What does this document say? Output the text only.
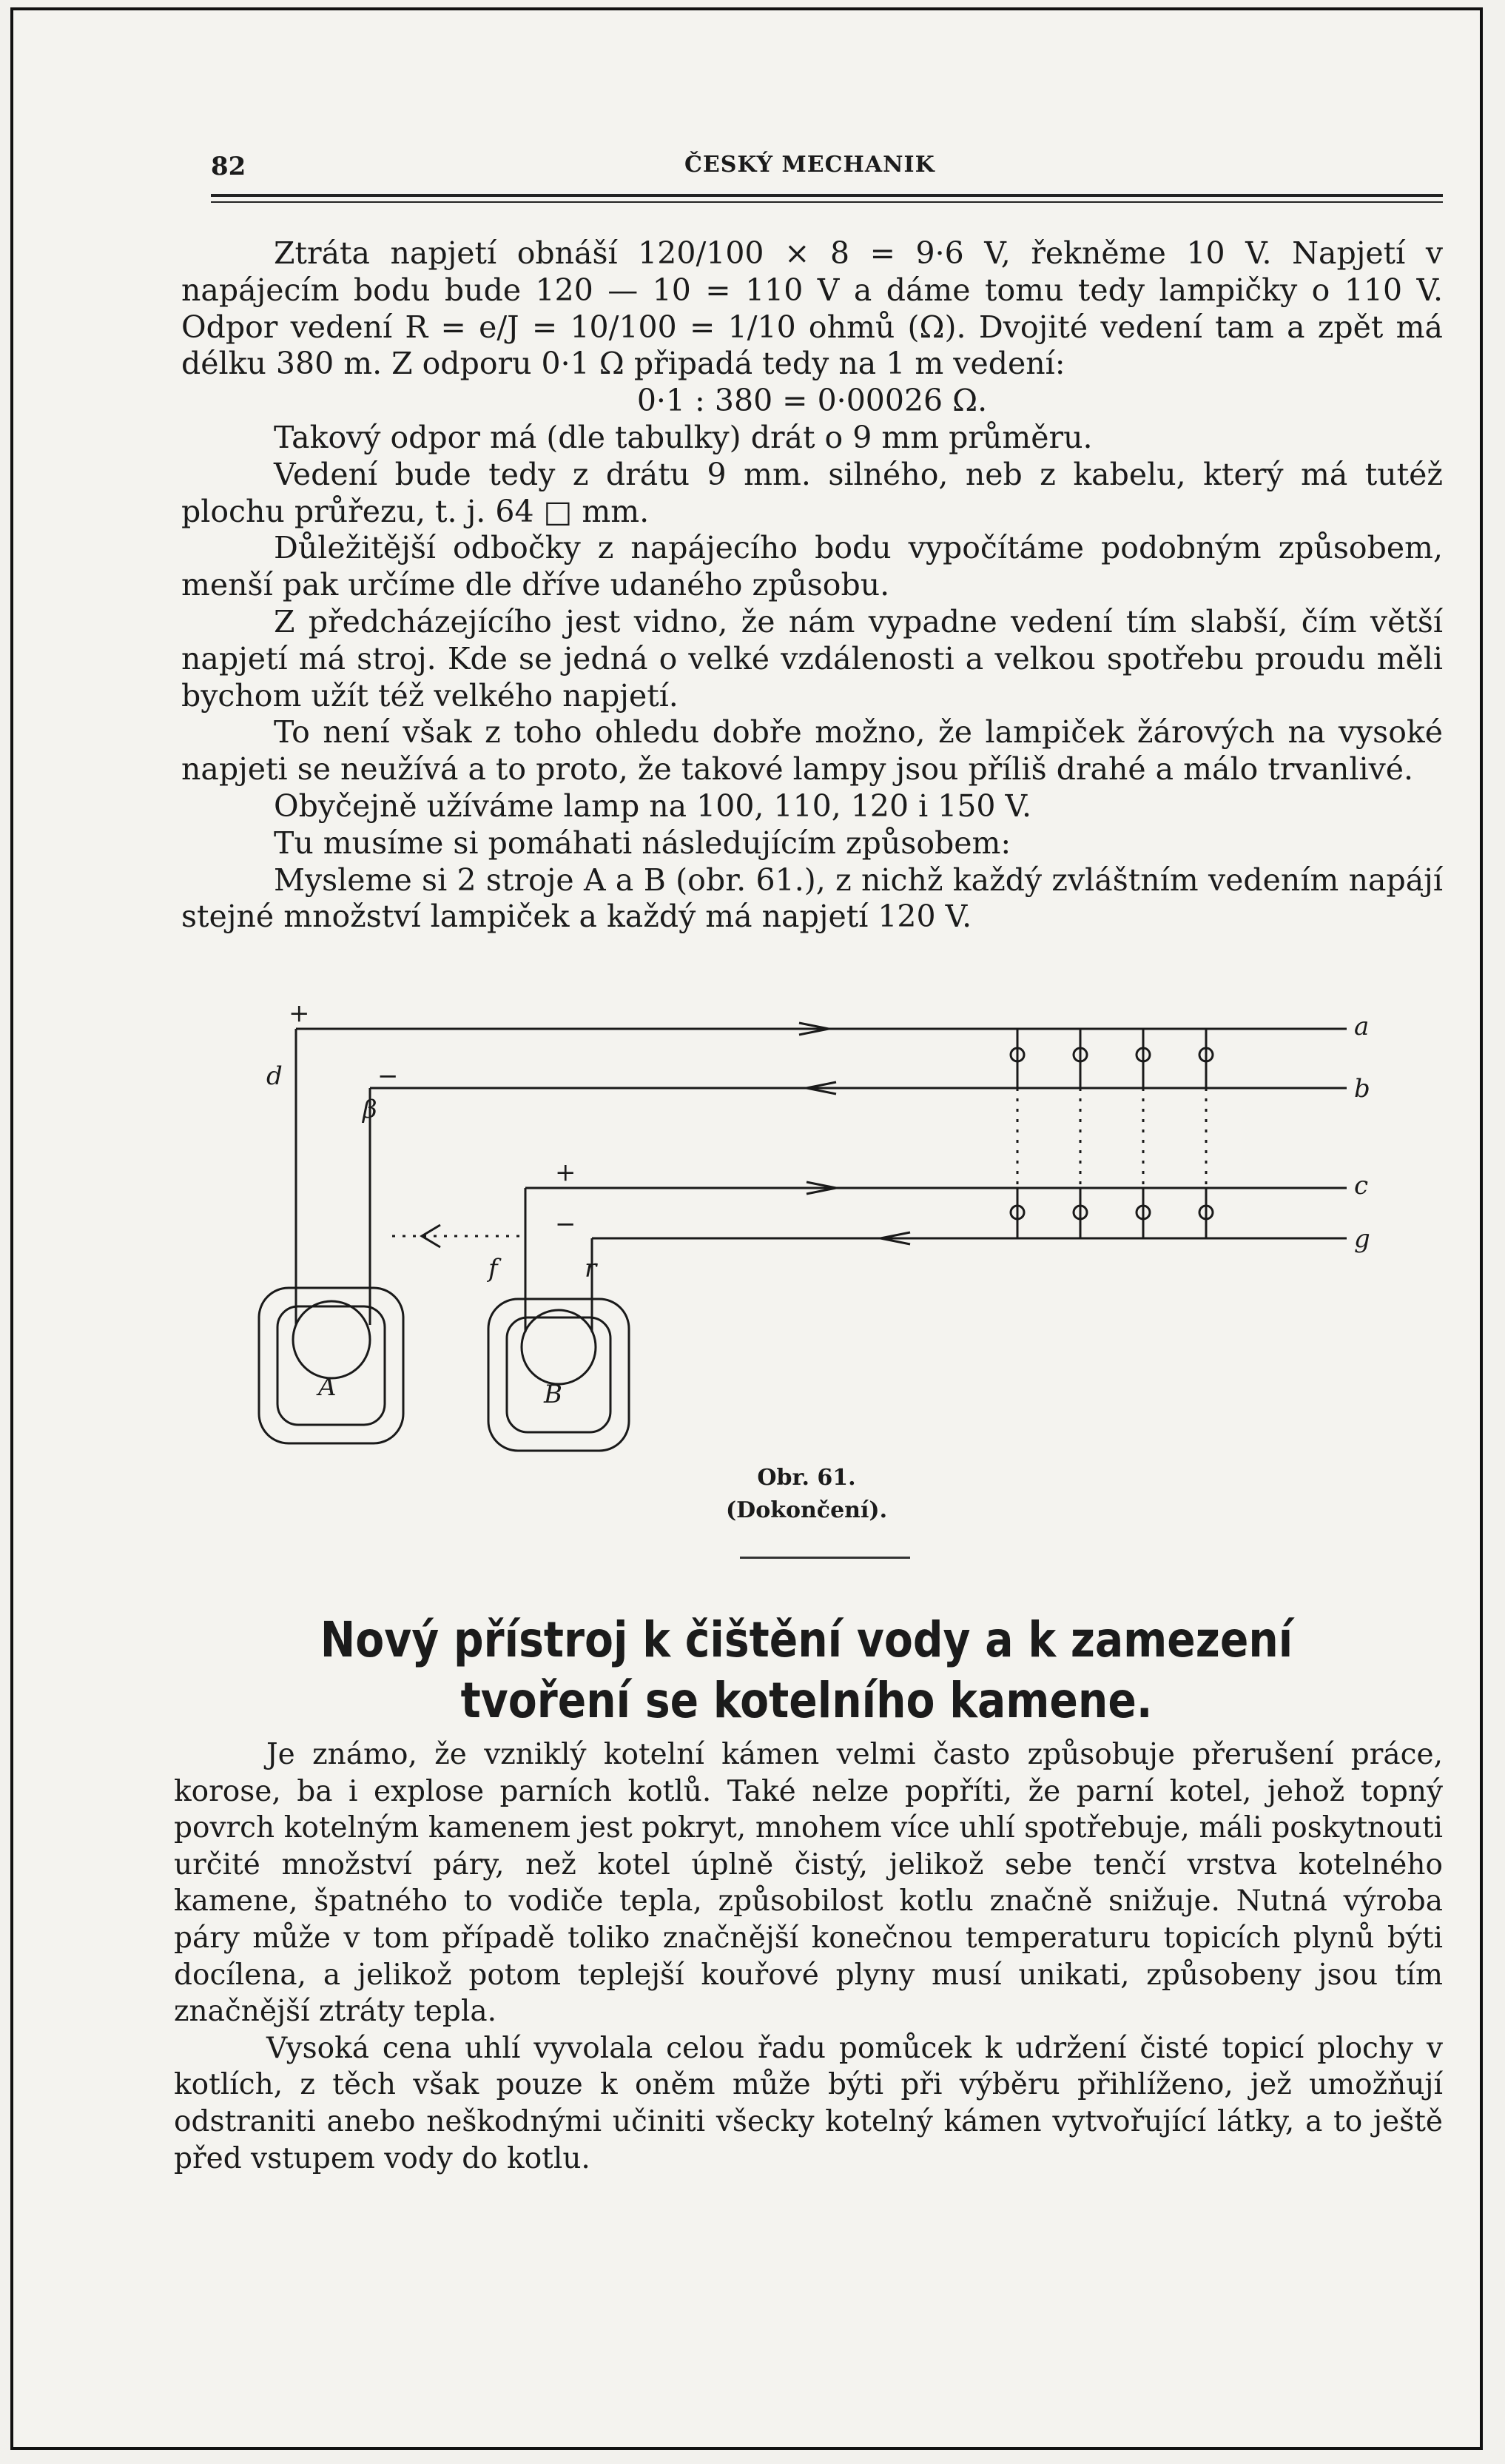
82	ČESKÝ MECHANIK

Ztráta napjetí obnáší 120/100 × 8 = 9·6 V, řekněme 10 V. Napjetí v napájecím bodu bude 120 — 10 = 110 V a dáme tomu tedy lampičky o 110 V. Odpor vedení R = e/J = 10/100 = 1/10 ohmů (Ω). Dvojité vedení tam a zpět má délku 380 m. Z odporu 0·1 Ω připadá tedy na 1 m vedení:

0·1 : 380 = 0·00026 Ω.

Takový odpor má (dle tabulky) drát o 9 mm průměru.

Vedení bude tedy z drátu 9 mm. silného, neb z kabelu, který má tutéž plochu průřezu, t. j. 64 □ mm.

Důležitější odbočky z napájecího bodu vypočítáme podobným způsobem, menší pak určíme dle dříve udaného způsobu.

Z předcházejícího jest vidno, že nám vypadne vedení tím slabší, čím větší napjetí má stroj. Kde se jedná o velké vzdálenosti a velkou spotřebu proudu měli bychom užít též velkého napjetí.

To není však z toho ohledu dobře možno, že lampiček žárových na vysoké napjeti se neužívá a to proto, že takové lampy jsou příliš drahé a málo trvanlivé.

Obyčejně užíváme lamp na 100, 110, 120 i 150 V.

Tu musíme si pomáhati následujícím způsobem:

Mysleme si 2 stroje A a B (obr. 61.), z nichž každý zvláštním vedením napájí stejné množství lampiček a každý má napjetí 120 V.

a
b
c
g
d
β
f	r
+
−
+
−
A	B
Obr. 61.
(Dokončení).
Nový přístroj k čištění vody a k zamezení tvoření se kotelního kamene.

Je známo, že vzniklý kotelní kámen velmi často způsobuje přerušení práce, korose, ba i explose parních kotlů. Také nelze popříti, že parní kotel, jehož topný povrch kotelným kamenem jest pokryt, mnohem více uhlí spotřebuje, máli poskytnouti určité množství páry, než kotel úplně čistý, jelikož sebe tenčí vrstva kotelného kamene, špatného to vodiče tepla, způsobilost kotlu značně snižuje. Nutná výroba páry může v tom případě toliko značnější konečnou temperaturu topicích plynů býti docílena, a jelikož potom teplejší kouřové plyny musí unikati, způsobeny jsou tím značnější ztráty tepla.

Vysoká cena uhlí vyvolala celou řadu pomůcek k udržení čisté topicí plochy v kotlích, z těch však pouze k oněm může býti při výběru přihlíženo, jež umožňují odstraniti anebo neškodnými učiniti všecky kotelný kámen vytvořující látky, a to ještě před vstupem vody do kotlu.
